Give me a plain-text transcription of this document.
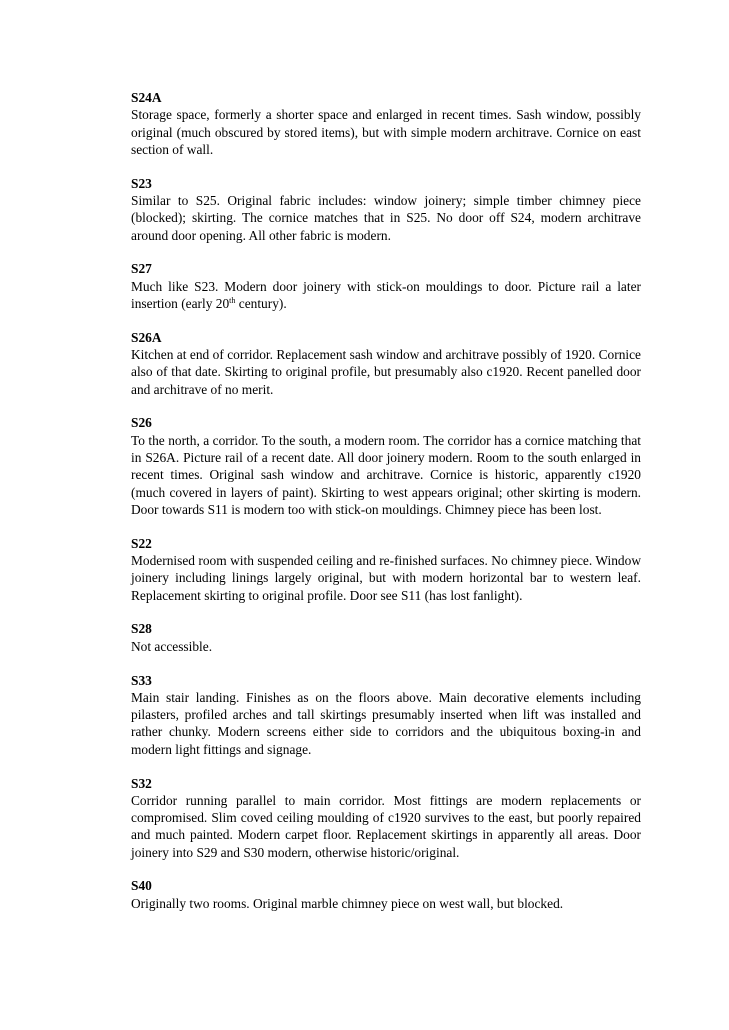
S24A
Storage space, formerly a shorter space and enlarged in recent times. Sash window, possibly original (much obscured by stored items), but with simple modern architrave. Cornice on east section of wall.
S23
Similar to S25. Original fabric includes: window joinery; simple timber chimney piece (blocked); skirting. The cornice matches that in S25. No door off S24, modern architrave around door opening. All other fabric is modern.
S27
Much like S23. Modern door joinery with stick-on mouldings to door. Picture rail a later insertion (early 20th century).
S26A
Kitchen at end of corridor. Replacement sash window and architrave possibly of 1920. Cornice also of that date. Skirting to original profile, but presumably also c1920. Recent panelled door and architrave of no merit.
S26
To the north, a corridor. To the south, a modern room. The corridor has a cornice matching that in S26A. Picture rail of a recent date. All door joinery modern. Room to the south enlarged in recent times. Original sash window and architrave. Cornice is historic, apparently c1920 (much covered in layers of paint). Skirting to west appears original; other skirting is modern. Door towards S11 is modern too with stick-on mouldings. Chimney piece has been lost.
S22
Modernised room with suspended ceiling and re-finished surfaces. No chimney piece. Window joinery including linings largely original, but with modern horizontal bar to western leaf. Replacement skirting to original profile. Door see S11 (has lost fanlight).
S28
Not accessible.
S33
Main stair landing. Finishes as on the floors above. Main decorative elements including pilasters, profiled arches and tall skirtings presumably inserted when lift was installed and rather chunky. Modern screens either side to corridors and the ubiquitous boxing-in and modern light fittings and signage.
S32
Corridor running parallel to main corridor. Most fittings are modern replacements or compromised. Slim coved ceiling moulding of c1920 survives to the east, but poorly repaired and much painted. Modern carpet floor. Replacement skirtings in apparently all areas. Door joinery into S29 and S30 modern, otherwise historic/original.
S40
Originally two rooms. Original marble chimney piece on west wall, but blocked.
